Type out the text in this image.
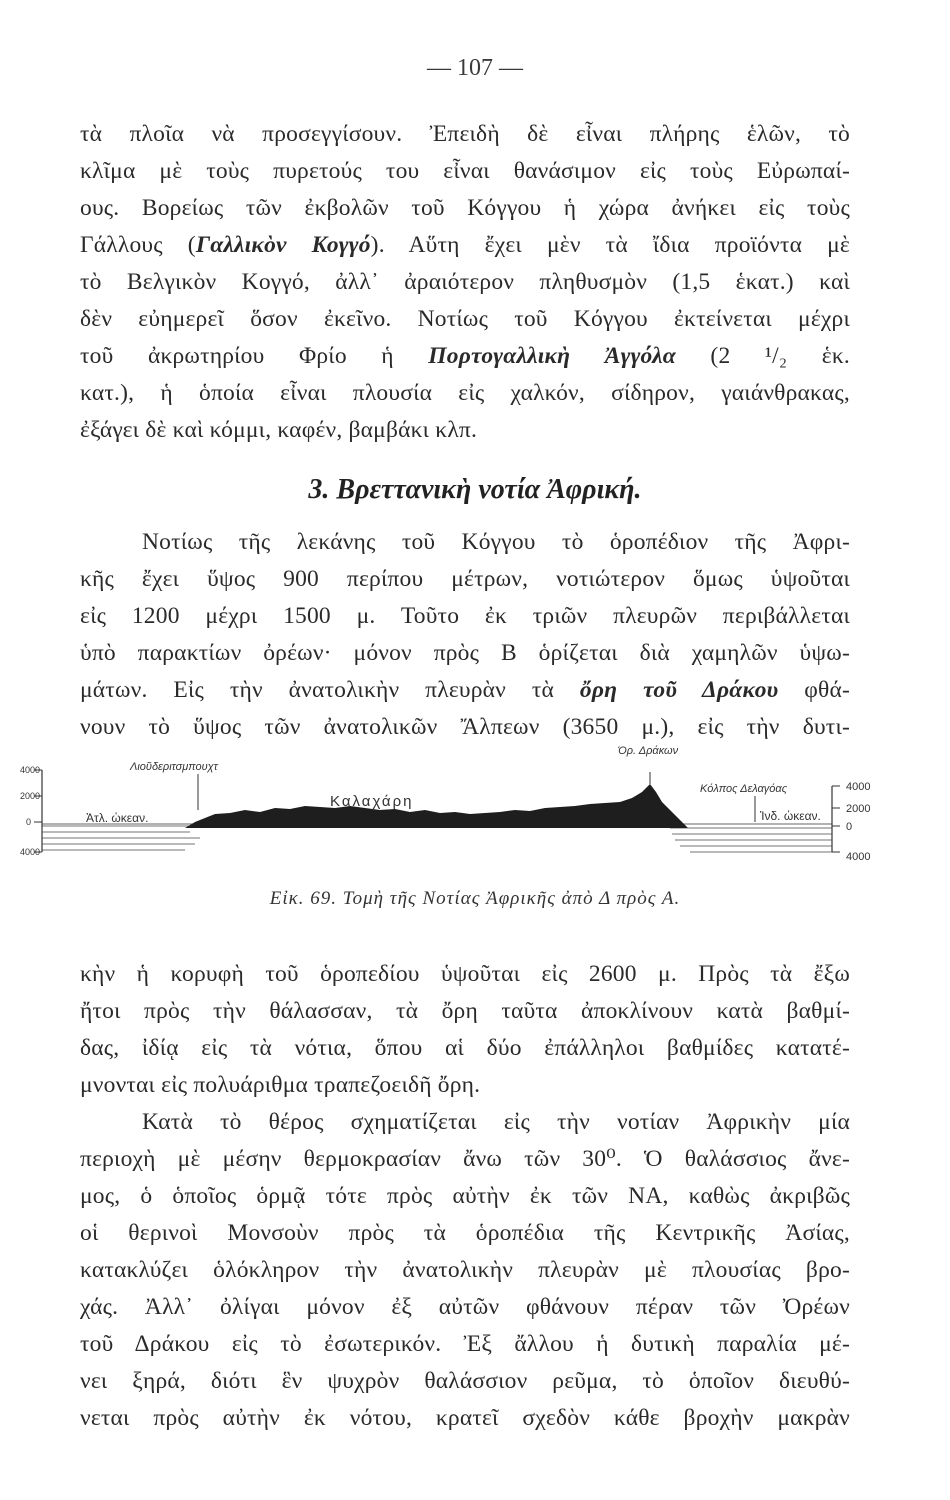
— 107 —
τὰ πλοῖα νὰ προσεγγίσουν. Ἐπειδὴ δὲ εἶναι πλήρης ἑλῶν, τὸ
κλῖμα μὲ τοὺς πυρετούς του εἶναι θανάσιμον εἰς τοὺς Εὐρωπαί-
ους. Βορείως τῶν ἐκβολῶν τοῦ Κόγγου ἡ χώρα ἀνήκει εἰς τοὺς
Γάλλους (Γαλλικὸν Κογγό). Αὕτη ἔχει μὲν τὰ ἴδια προϊόντα μὲ
τὸ Βελγικὸν Κογγό, ἀλλ᾿ ἀραιότερον πληθυσμὸν (1,5 ἑκατ.) καὶ
δὲν εὐημερεῖ ὅσον ἐκεῖνο. Νοτίως τοῦ Κόγγου ἐκτείνεται μέχρι
τοῦ ἀκρωτηρίου Φρίο ἡ Πορτογαλλικὴ Ἀγγόλα (2 ¹/₂ ἑκ.
κατ.), ἡ ὁποία εἶναι πλουσία εἰς χαλκόν, σίδηρον, γαιάνθρακας,
ἐξάγει δὲ καὶ κόμμι, καφέν, βαμβάκι κλπ.
3. Βρεττανικὴ νοτία Ἀφρική.
Νοτίως τῆς λεκάνης τοῦ Κόγγου τὸ ὁροπέδιον τῆς Ἀφρι-
κῆς ἔχει ὕψος 900 περίπου μέτρων, νοτιώτερον ὅμως ὑψοῦται
εἰς 1200 μέχρι 1500 μ. Τοῦτο ἐκ τριῶν πλευρῶν περιβάλλεται
ὑπὸ παρακτίων ὀρέων· μόνον πρὸς Β ὁρίζεται διὰ χαμηλῶν ὑψω-
μάτων. Εἰς τὴν ἀνατολικὴν πλευρὰν τὰ ὄρη τοῦ Δράκου φθά-
νουν τὸ ὕψος τῶν ἀνατολικῶν Ἄλπεων (3650 μ.), εἰς τὴν δυτι-
4000
2000
0
4000
4000
2000
0
4000
Όρ. Δράκων
Λιοῦδεριτσμπουχτ
Καλαχάρη
Ἀτλ. ὠκεαν.
Κόλπος Δελαγόας
Ἰνδ. ὠκεαν.
Εἰκ. 69. Τομὴ τῆς Νοτίας Ἀφρικῆς ἀπὸ Δ πρὸς Α.
κὴν ἡ κορυφὴ τοῦ ὁροπεδίου ὑψοῦται εἰς 2600 μ. Πρὸς τὰ ἔξω
ἤτοι πρὸς τὴν θάλασσαν, τὰ ὄρη ταῦτα ἀποκλίνουν κατὰ βαθμί-
δας, ἰδίᾳ εἰς τὰ νότια, ὅπου αἱ δύο ἐπάλληλοι βαθμίδες κατατέ-
μνονται εἰς πολυάριθμα τραπεζοειδῆ ὄρη.
Κατὰ τὸ θέρος σχηματίζεται εἰς τὴν νοτίαν Ἀφρικὴν μία
περιοχὴ μὲ μέσην θερμοκρασίαν ἄνω τῶν 30⁰. Ὁ θαλάσσιος ἄνε-
μος, ὁ ὁποῖος ὁρμᾷ τότε πρὸς αὐτὴν ἐκ τῶν ΝΑ, καθὼς ἀκριβῶς
οἱ θερινοὶ Μονσοὺν πρὸς τὰ ὁροπέδια τῆς Κεντρικῆς Ἀσίας,
κατακλύζει ὁλόκληρον τὴν ἀνατολικὴν πλευρὰν μὲ πλουσίας βρο-
χάς. Ἀλλ᾿ ὀλίγαι μόνον ἐξ αὐτῶν φθάνουν πέραν τῶν Ὀρέων
τοῦ Δράκου εἰς τὸ ἐσωτερικόν. Ἐξ ἄλλου ἡ δυτικὴ παραλία μέ-
νει ξηρά, διότι ἓν ψυχρὸν θαλάσσιον ρεῦμα, τὸ ὁποῖον διευθύ-
νεται πρὸς αὐτὴν ἐκ νότου, κρατεῖ σχεδὸν κάθε βροχὴν μακρὰν
